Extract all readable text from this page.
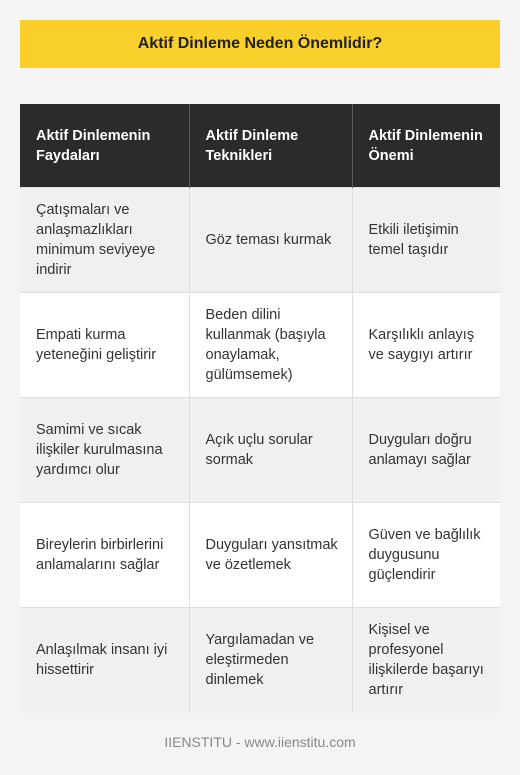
Aktif Dinleme Neden Önemlidir?
Aktif Dinlemenin Faydaları	Aktif Dinleme Teknikleri	Aktif Dinlemenin Önemi
Çatışmaları ve anlaşmazlıkları minimum seviyeye indirir	Göz teması kurmak	Etkili iletişimin temel taşıdır
Empati kurma yeteneğini geliştirir	Beden dilini kullanmak (başıyla onaylamak, gülümsemek)	Karşılıklı anlayış ve saygıyı artırır
Samimi ve sıcak ilişkiler kurulmasına yardımcı olur	Açık uçlu sorular sormak	Duyguları doğru anlamayı sağlar
Bireylerin birbirlerini anlamalarını sağlar	Duyguları yansıtmak ve özetlemek	Güven ve bağlılık duygusunu güçlendirir
Anlaşılmak insanı iyi hissettirir	Yargılamadan ve eleştirmeden dinlemek	Kişisel ve profesyonel ilişkilerde başarıyı artırır
IIENSTITU - www.iienstitu.com
